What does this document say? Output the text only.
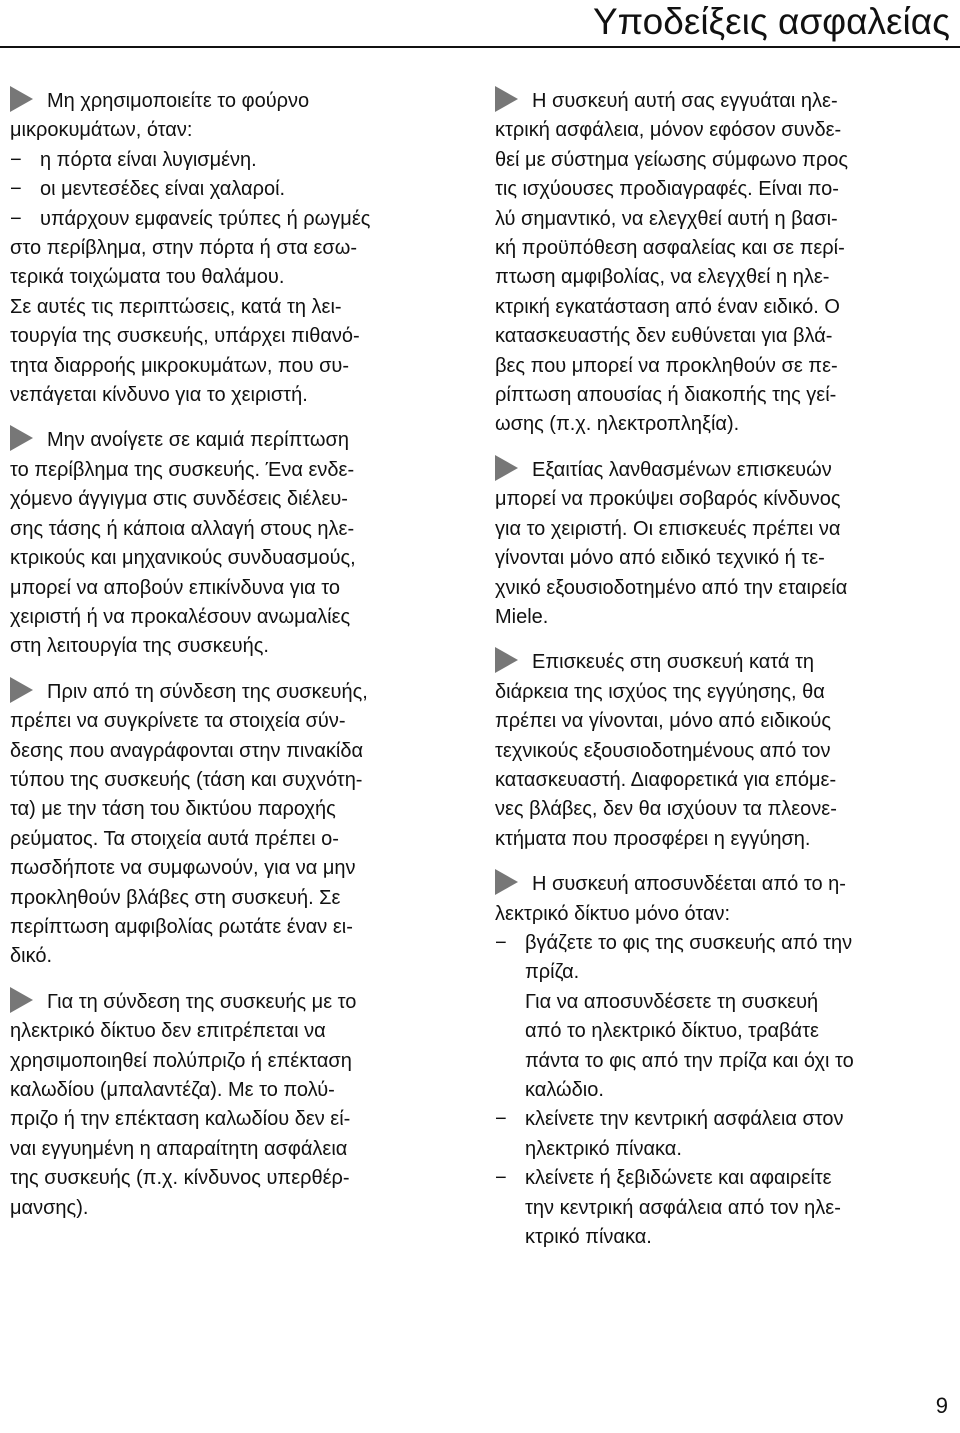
Υποδείξεις ασφαλείας
Μη χρησιμοποιείτε το φούρνο
μικροκυμάτων, όταν:
− η πόρτα είναι λυγισμένη.
− οι μεντεσέδες είναι χαλαροί.
− υπάρχουν εμφανείς τρύπες ή ρωγμές
στο περίβλημα, στην πόρτα ή στα εσω-
τερικά τοιχώματα του θαλάμου.
Σε αυτές τις περιπτώσεις, κατά τη λει-
τουργία της συσκευής, υπάρχει πιθανό-
τητα διαρροής μικροκυμάτων, που συ-
νεπάγεται κίνδυνο για το χειριστή.
Μην ανοίγετε σε καμιά περίπτωση
το περίβλημα της συσκευής. Ένα ενδε-
χόμενο άγγιγμα στις συνδέσεις διέλευ-
σης τάσης ή κάποια αλλαγή στους ηλε-
κτρικούς και μηχανικούς συνδυασμούς,
μπορεί να αποβούν επικίνδυνα για το
χειριστή ή να προκαλέσουν ανωμαλίες
στη λειτουργία της συσκευής.
Πριν από τη σύνδεση της συσκευής,
πρέπει να συγκρίνετε τα στοιχεία σύν-
δεσης που αναγράφονται στην πινακίδα
τύπου της συσκευής (τάση και συχνότη-
τα) με την τάση του δικτύου παροχής
ρεύματος. Τα στοιχεία αυτά πρέπει ο-
πωσδήποτε να συμφωνούν, για να μην
προκληθούν βλάβες στη συσκευή. Σε
περίπτωση αμφιβολίας ρωτάτε έναν ει-
δικό.
Για τη σύνδεση της συσκευής με το
ηλεκτρικό δίκτυο δεν επιτρέπεται να
χρησιμοποιηθεί πολύπριζο ή επέκταση
καλωδίου (μπαλαντέζα). Με το πολύ-
πριζο ή την επέκταση καλωδίου δεν εί-
ναι εγγυημένη η απαραίτητη ασφάλεια
της συσκευής (π.χ. κίνδυνος υπερθέρ-
μανσης).
Η συσκευή αυτή σας εγγυάται ηλε-
κτρική ασφάλεια, μόνον εφόσον συνδε-
θεί με σύστημα γείωσης σύμφωνο προς
τις ισχύουσες προδιαγραφές. Είναι πο-
λύ σημαντικό, να ελεγχθεί αυτή η βασι-
κή προϋπόθεση ασφαλείας και σε περί-
πτωση αμφιβολίας, να ελεγχθεί η ηλε-
κτρική εγκατάσταση από έναν ειδικό. Ο
κατασκευαστής δεν ευθύνεται για βλά-
βες που μπορεί να προκληθούν σε πε-
ρίπτωση απουσίας ή διακοπής της γεί-
ωσης (π.χ. ηλεκτροπληξία).
Εξαιτίας λανθασμένων επισκευών
μπορεί να προκύψει σοβαρός κίνδυνος
για το χειριστή. Οι επισκευές πρέπει να
γίνονται μόνο από ειδικό τεχνικό ή τε-
χνικό εξουσιοδοτημένο από την εταιρεία
Miele.
Επισκευές στη συσκευή κατά τη
διάρκεια της ισχύος της εγγύησης, θα
πρέπει να γίνονται, μόνο από ειδικούς
τεχνικούς εξουσιοδοτημένους από τον
κατασκευαστή. Διαφορετικά για επόμε-
νες βλάβες, δεν θα ισχύουν τα πλεονε-
κτήματα που προσφέρει η εγγύηση.
Η συσκευή αποσυνδέεται από το η-
λεκτρικό δίκτυο μόνο όταν:
− βγάζετε το φις της συσκευής από την
πρίζα.
Για να αποσυνδέσετε τη συσκευή
από το ηλεκτρικό δίκτυο, τραβάτε
πάντα το φις από την πρίζα και όχι το
καλώδιο.
− κλείνετε την κεντρική ασφάλεια στον
ηλεκτρικό πίνακα.
− κλείνετε ή ξεβιδώνετε και αφαιρείτε
την κεντρική ασφάλεια από τον ηλε-
κτρικό πίνακα.
9
